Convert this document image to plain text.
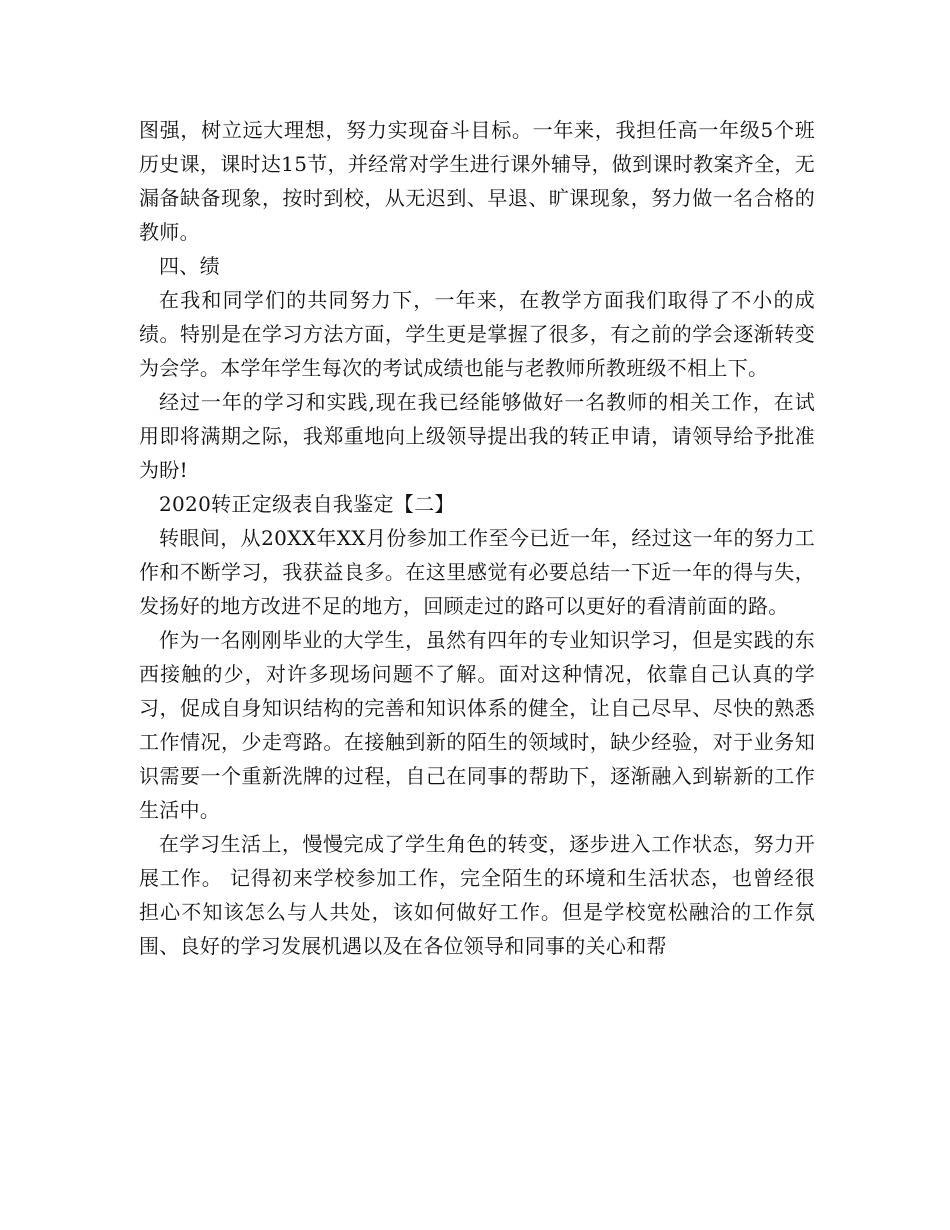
图强，树立远大理想，努力实现奋斗目标。一年来，我担任高一年级5个班历史课，课时达15节，并经常对学生进行课外辅导，做到课时教案齐全，无漏备缺备现象，按时到校，从无迟到、早退、旷课现象，努力做一名合格的教师。

四、绩

在我和同学们的共同努力下，一年来，在教学方面我们取得了不小的成绩。特别是在学习方法方面，学生更是掌握了很多，有之前的学会逐渐转变为会学。本学年学生每次的考试成绩也能与老教师所教班级不相上下。

经过一年的学习和实践,现在我已经能够做好一名教师的相关工作，在试用即将满期之际，我郑重地向上级领导提出我的转正申请，请领导给予批准为盼!

2020转正定级表自我鉴定【二】

转眼间，从20XX年XX月份参加工作至今已近一年，经过这一年的努力工作和不断学习，我获益良多。在这里感觉有必要总结一下近一年的得与失，发扬好的地方改进不足的地方，回顾走过的路可以更好的看清前面的路。

作为一名刚刚毕业的大学生，虽然有四年的专业知识学习，但是实践的东西接触的少，对许多现场问题不了解。面对这种情况，依靠自己认真的学习，促成自身知识结构的完善和知识体系的健全，让自己尽早、尽快的熟悉工作情况，少走弯路。在接触到新的陌生的领域时，缺少经验，对于业务知识需要一个重新洗牌的过程，自己在同事的帮助下，逐渐融入到崭新的工作生活中。

在学习生活上，慢慢完成了学生角色的转变，逐步进入工作状态，努力开展工作。 记得初来学校参加工作，完全陌生的环境和生活状态，也曾经很担心不知该怎么与人共处，该如何做好工作。但是学校宽松融洽的工作氛围、良好的学习发展机遇以及在各位领导和同事的关心和帮
